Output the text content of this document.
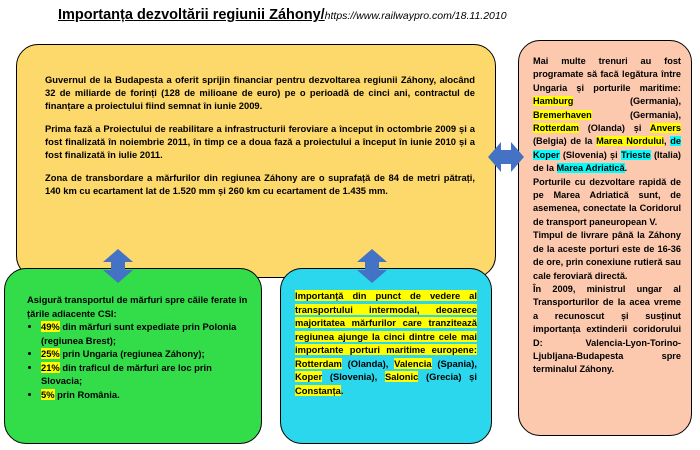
Importanța dezvoltării regiunii Záhony/https://www.railwaypro.com/18.11.2010

Guvernul de la Budapesta a oferit sprijin financiar pentru dezvoltarea regiunii Záhony, alocând 32 de miliarde de forinți (128 de milioane de euro) pe o perioadă de cinci ani, contractul de finanțare a proiectului fiind semnat în iunie 2009.

Prima fază a Proiectului de reabilitare a infrastructurii feroviare a început în octombrie 2009 și a fost finalizată în noiembrie 2011, în timp ce a doua fază a proiectului a început în iunie 2010 și a fost finalizată în iulie 2011.

Zona de transbordare a mărfurilor din regiunea Záhony are o suprafață de 84 de metri pătrați, 140 km cu ecartament lat de 1.520 mm și 260 km cu ecartament de 1.435 mm.

Asigură transportul de mărfuri spre căile ferate în țările adiacente CSI:

• 49% din mărfuri sunt expediate prin Polonia (regiunea Brest);
• 25% prin Ungaria (regiunea Záhony);
• 21% din traficul de mărfuri are loc prin Slovacia;
• 5% prin România.

Importanță din punct de vedere al transportului intermodal, deoarece majoritatea mărfurilor care tranzitează regiunea ajunge la cinci dintre cele mai importante porturi maritime europene: Rotterdam (Olanda), Valencia (Spania), Koper (Slovenia), Salonic (Grecia) și Constanța.

Mai multe trenuri au fost programate să facă legătura între Ungaria și porturile maritime: Hamburg (Germania), Bremerhaven (Germania), Rotterdam (Olanda) și Anvers (Belgia) de la Marea Nordului, de Koper (Slovenia) și Trieste (Italia) de la Marea Adriatică.

Porturile cu dezvoltare rapidă de pe Marea Adriatică sunt, de asemenea, conectate la Coridorul de transport paneuropean V.

Timpul de livrare până la Záhony de la aceste porturi este de 16-36 de ore, prin conexiune rutieră sau cale feroviară directă.

În 2009, ministrul ungar al Transporturilor de la acea vreme a recunoscut și susținut importanța extinderii coridorului D: Valencia-Lyon-Torino-Ljubljana-Budapesta spre terminalul Záhony.
